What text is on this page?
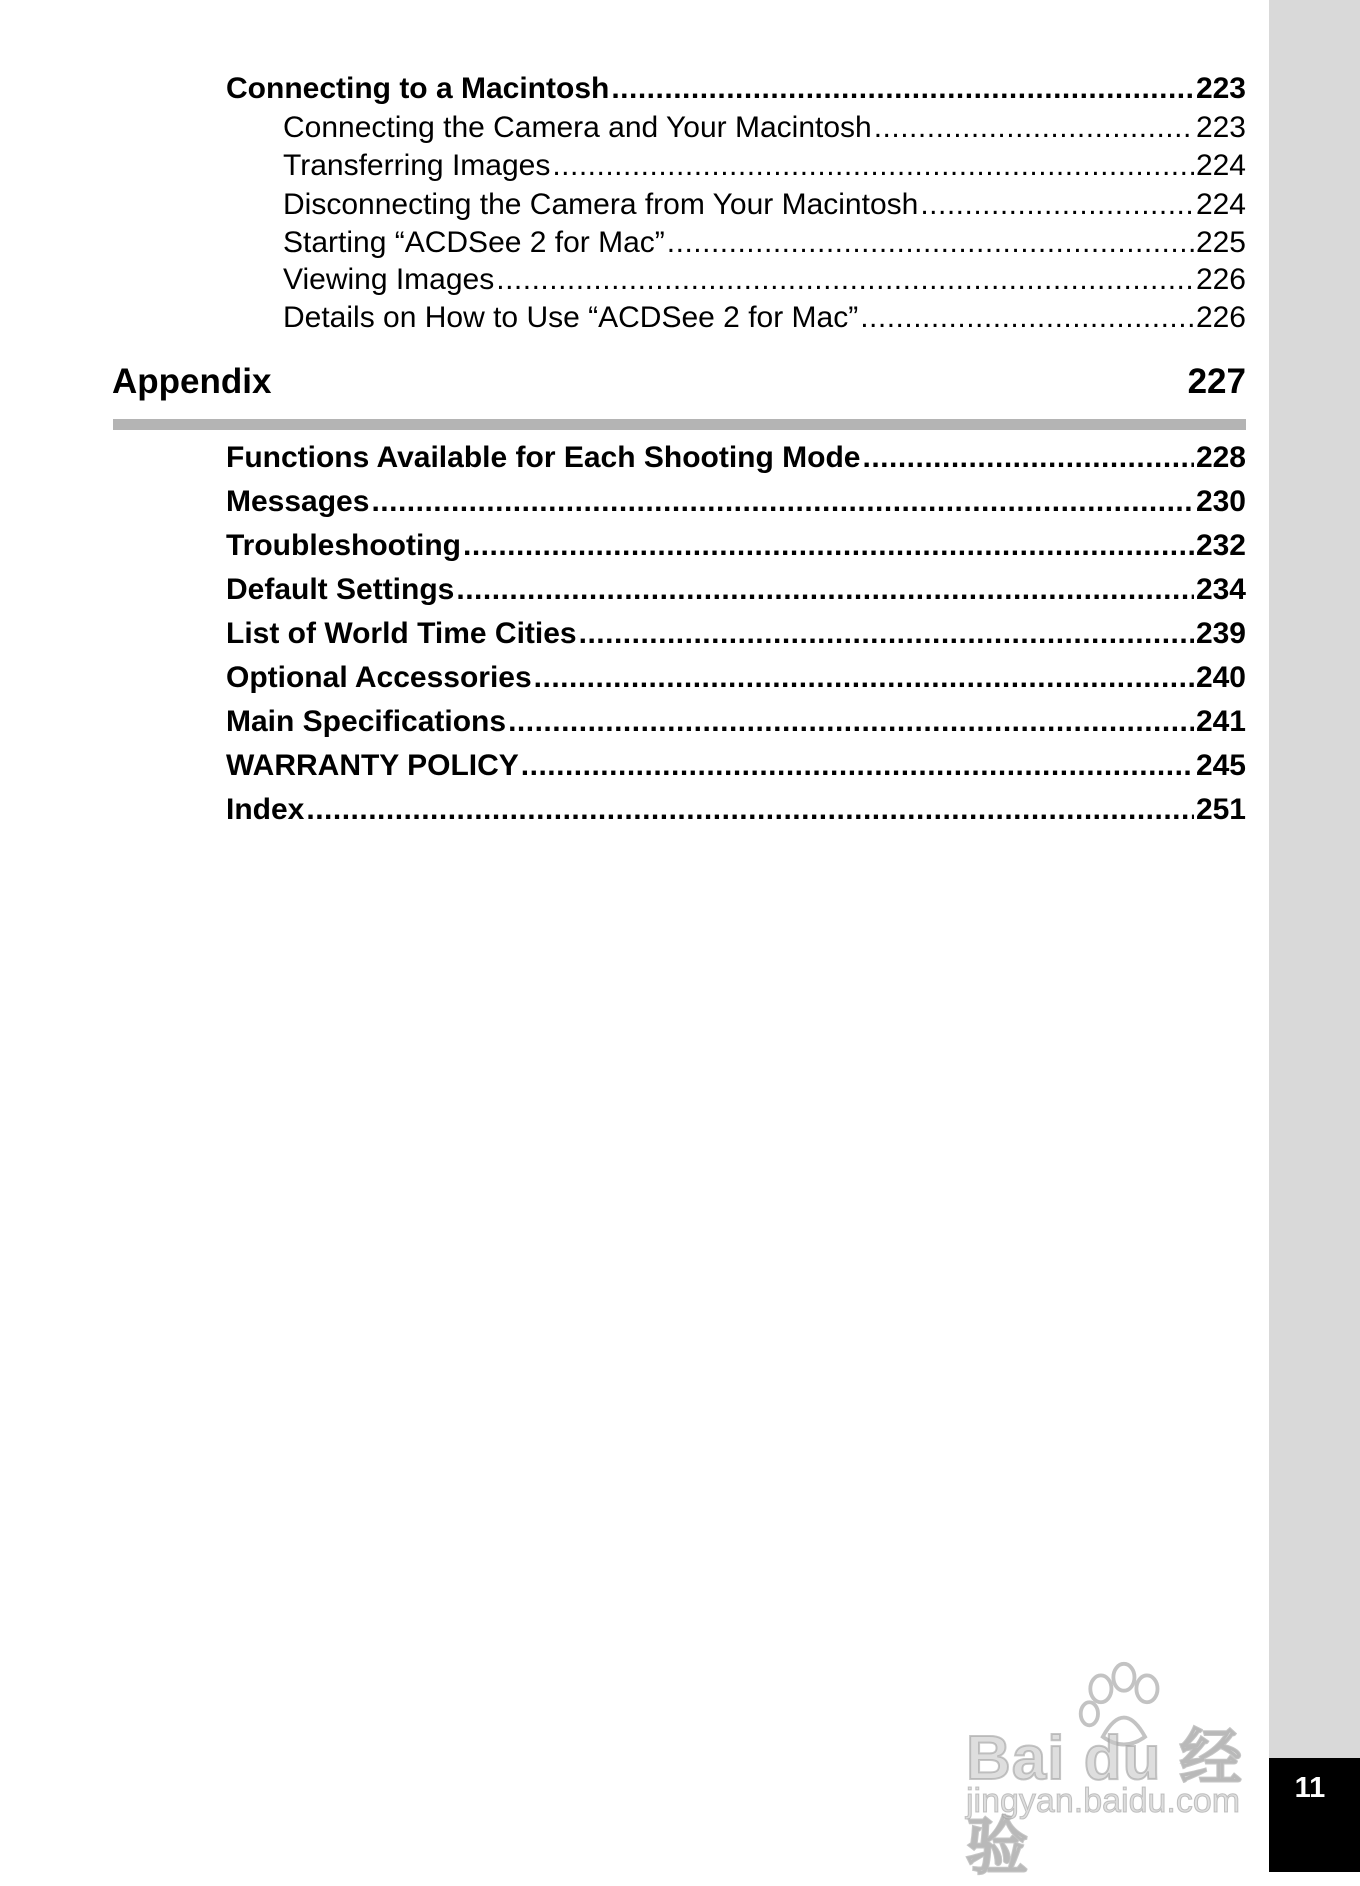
Connecting to a Macintosh .....	223
Connecting the Camera and Your Macintosh .....	223
Transferring Images .....	224
Disconnecting the Camera from Your Macintosh .....	224
Starting “ACDSee 2 for Mac” .....	225
Viewing Images .....	226
Details on How to Use “ACDSee 2 for Mac” .....	226
Appendix	227
Functions Available for Each Shooting Mode .....	228
Messages .....	230
Troubleshooting .....	232
Default Settings .....	234
List of World Time Cities .....	239
Optional Accessories .....	240
Main Specifications .....	241
WARRANTY POLICY .....	245
Index .....	251
Bai du 经验
jingyan.baidu.com	11
